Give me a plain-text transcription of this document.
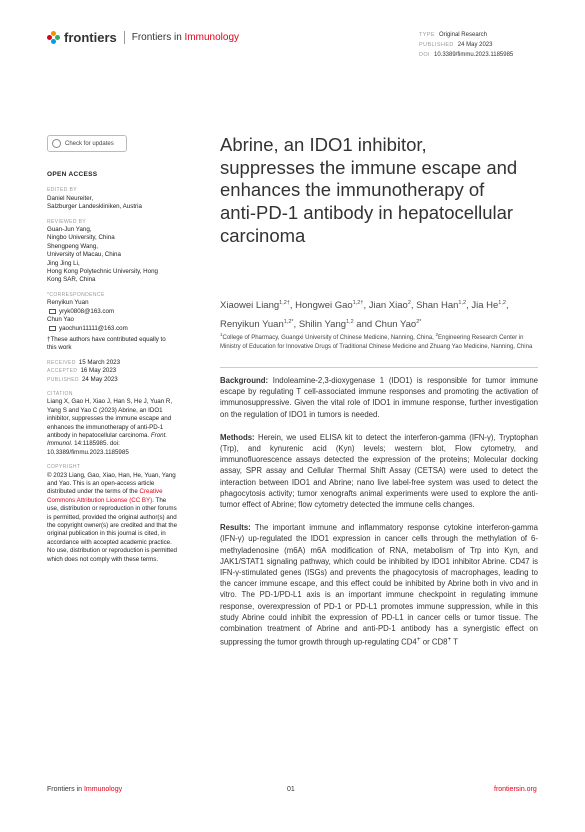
frontiers Frontiers in Immunology	TYPE Original Research
PUBLISHED 24 May 2023
DOI 10.3389/fimmu.2023.1185985
Check for updates
OPEN ACCESS
EDITED BY
Daniel Neureiter,
Salzburger Landeskliniken, Austria
REVIEWED BY
Guan-Jun Yang,
Ningbo University, China
Shengpeng Wang,
University of Macau, China
Jing Jing Li,
Hong Kong Polytechnic University, Hong
Kong SAR, China
*CORRESPONDENCE
Renyikun Yuan
yryk0808@163.com
Chun Yao
yaochun11111@163.com
†These authors have contributed equally to this work
RECEIVED 15 March 2023
ACCEPTED 16 May 2023
PUBLISHED 24 May 2023
CITATION
Liang X, Gao H, Xiao J, Han S, He J, Yuan R, Yang S and Yao C (2023) Abrine, an IDO1 inhibitor, suppresses the immune escape and enhances the immunotherapy of anti-PD-1 antibody in hepatocellular carcinoma. Front. Immunol. 14:1185985. doi: 10.3389/fimmu.2023.1185985
COPYRIGHT
© 2023 Liang, Gao, Xiao, Han, He, Yuan, Yang and Yao. This is an open-access article distributed under the terms of the Creative Commons Attribution License (CC BY). The use, distribution or reproduction in other forums is permitted, provided the original author(s) and the copyright owner(s) are credited and that the original publication in this journal is cited, in accordance with accepted academic practice. No use, distribution or reproduction is permitted which does not comply with these terms.
Abrine, an IDO1 inhibitor, suppresses the immune escape and enhances the immunotherapy of anti-PD-1 antibody in hepatocellular carcinoma
Xiaowei Liang$^{1,2\dagger}$, Hongwei Gao$^{1,2\dagger}$, Jian Xiao$^2$, Shan Han$^{1,2}$, Jia He$^{1,2}$, Renyikun Yuan$^{1,2*}$, Shilin Yang$^{1,2}$ and Chun Yao$^{2*}$
$^1$College of Pharmacy, Guangxi University of Chinese Medicine, Nanning, China, $^2$Engineering Research Center in Ministry of Education for Innovative Drugs of Traditional Chinese Medicine and Zhuang Yao Medicine, Nanning, China

Background: Indoleamine-2,3-dioxygenase 1 (IDO1) is responsible for tumor immune escape by regulating T cell-associated immune responses and promoting the activation of immunosuppressive. Given the vital role of IDO1 in immune response, further investigation on the regulation of IDO1 in tumors is needed.

Methods: Herein, we used ELISA kit to detect the interferon-gamma (IFN-γ), Tryptophan (Trp), and kynurenic acid (Kyn) levels; western blot, Flow cytometry, and immunofluorescence assays detected the expression of the proteins; Molecular docking assay, SPR assay and Cellular Thermal Shift Assay (CETSA) were used to detect the interaction between IDO1 and Abrine; nano live label-free system was used to detect the phagocytosis activity; tumor xenografts animal experiments were used to explore the anti-tumor effect of Abrine; flow cytometry detected the immune cells changes.

Results: The important immune and inflammatory response cytokine interferon-gamma (IFN-γ) up-regulated the IDO1 expression in cancer cells through the methylation of 6-methyladenosine (m6A) m6A modification of RNA, metabolism of Trp into Kyn, and JAK1/STAT1 signaling pathway, which could be inhibited by IDO1 inhibitor Abrine. CD47 is IFN-γ-stimulated genes (ISGs) and prevents the phagocytosis of macrophages, leading to the cancer immune escape, and this effect could be inhibited by Abrine both in vivo and in vitro. The PD-1/PD-L1 axis is an important immune checkpoint in regulating immune response, overexpression of PD-1 or PD-L1 promotes immune suppression, while in this study Abrine could inhibit the expression of PD-L1 in cancer cells or tumor tissue. The combination treatment of Abrine and anti-PD-1 antibody has a synergistic effect on suppressing the tumor growth through up-regulating CD4+ or CD8+ T

Frontiers in Immunology	01	frontiersin.org
